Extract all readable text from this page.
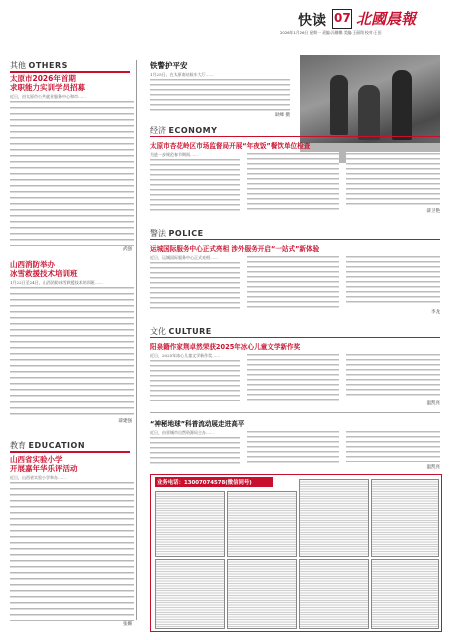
快读 07 北國晨報
2026年1月26日 星期一 责编:冯娜娜 美编:王丽翔 校对:王田
其他 OTHERS
太原市2026年首期
求职能力实训学员招募
近日，由太原市公共就业服务中心和市……
武强
山西消防举办
冰雪救援技术培训班
1月22日至24日，山西消防冰雪救援技术培训班……
薛建强
教育 EDUCATION
山西省实验小学
开展嘉年华乐评活动
近日，山西省实验小学举办……
张姗
铁警护平安
1月25日，在太原南站候车大厅……
耿峰 摄
经济 ECONOMY
太原市杏花岭区市场监督局开展“年夜饭”餐饮单位检查
为进一步规范春节期间……
薛卫艳
警法 POLICE
运城国际服务中心正式亮相 涉外服务开启“一站式”新体验
近日，运城国际服务中心正式亮相……
李龙
文化 CULTURE
阳泉籍作家荆卓然荣获2025年冰心儿童文学新作奖
近日，2025年冰心儿童文学新作奖……
温凯亮
“神秘地球”科普流动展走进高平
近日，由晋城市自然资源局主办……
温凯亮
业务电话：13007074578(微信同号)
